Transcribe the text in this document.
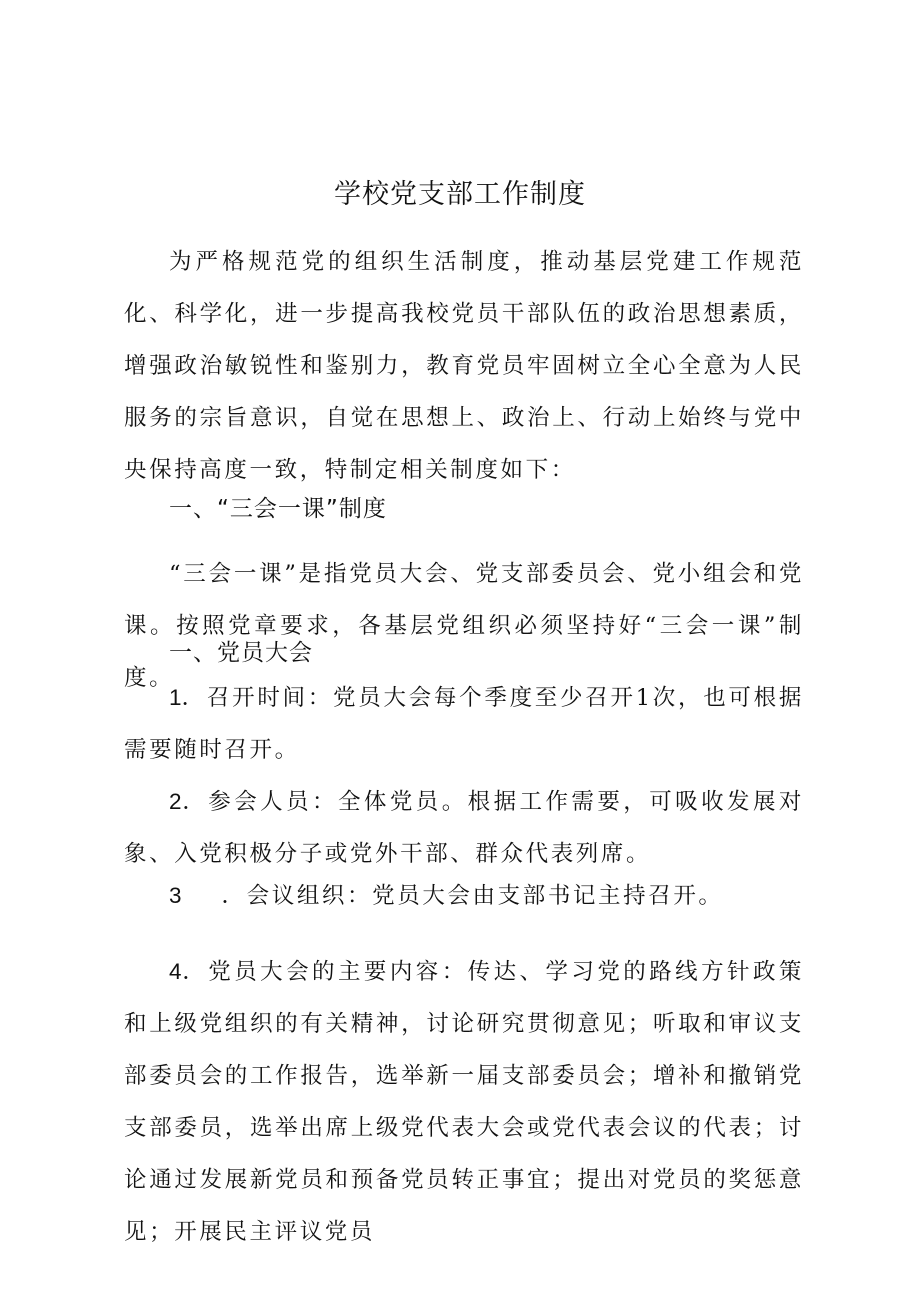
学校党支部工作制度

为严格规范党的组织生活制度，推动基层党建工作规范化、科学化，进一步提高我校党员干部队伍的政治思想素质，增强政治敏锐性和鉴别力，教育党员牢固树立全心全意为人民服务的宗旨意识，自觉在思想上、政治上、行动上始终与党中央保持高度一致，特制定相关制度如下：

一、“三会一课”制度

“三会一课”是指党员大会、党支部委员会、党小组会和党课。按照党章要求，各基层党组织必须坚持好“三会一课”制度。

一、党员大会

1．召开时间：党员大会每个季度至少召开1次，也可根据需要随时召开。

2．参会人员：全体党员。根据工作需要，可吸收发展对象、入党积极分子或党外干部、群众代表列席。

3 ．会议组织：党员大会由支部书记主持召开。

4．党员大会的主要内容：传达、学习党的路线方针政策和上级党组织的有关精神，讨论研究贯彻意见；听取和审议支部委员会的工作报告，选举新一届支部委员会；增补和撤销党支部委员，选举出席上级党代表大会或党代表会议的代表；讨论通过发展新党员和预备党员转正事宜；提出对党员的奖惩意见；开展民主评议党员
